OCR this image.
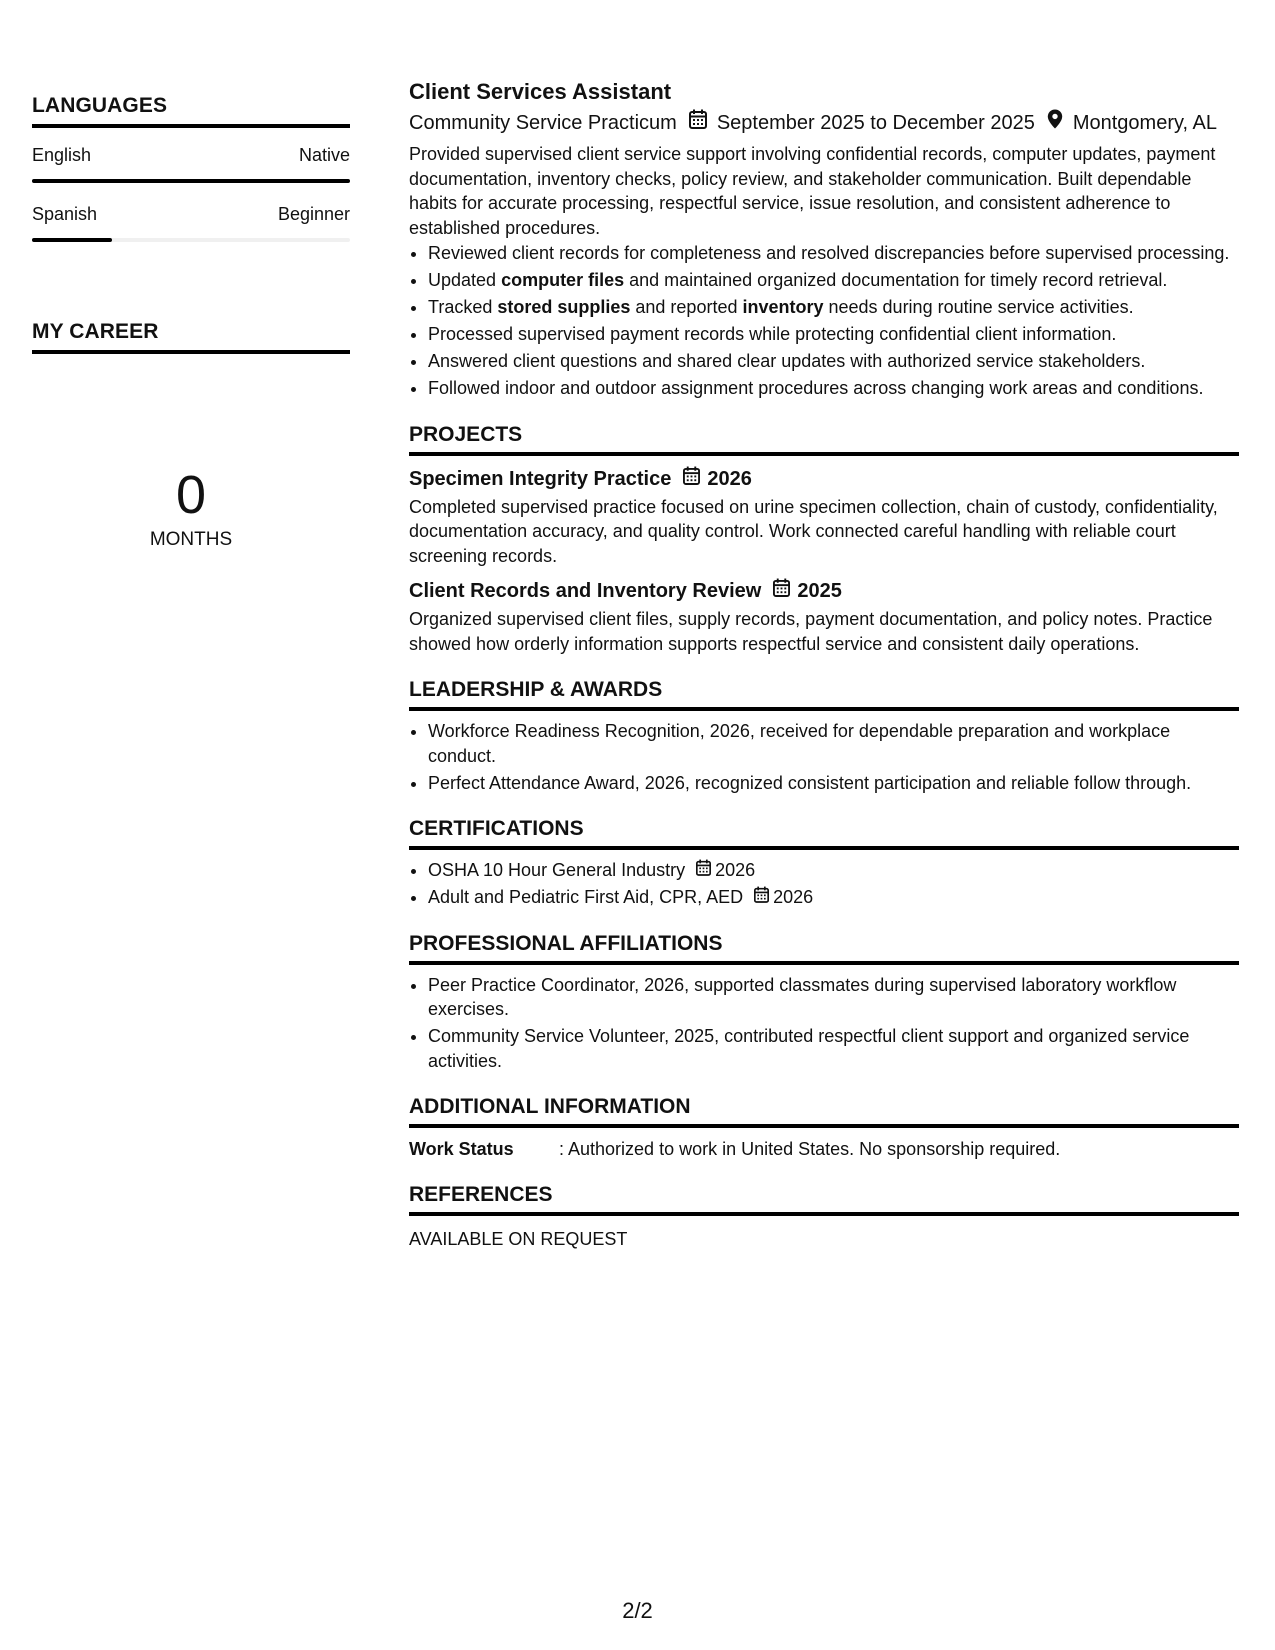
LANGUAGES
English	Native
Spanish	Beginner
MY CAREER
0
MONTHS
Client Services Assistant
Community Service Practicum September 2025 to December 2025 Montgomery, AL
Provided supervised client service support involving confidential records, computer updates, payment documentation, inventory checks, policy review, and stakeholder communication. Built dependable habits for accurate processing, respectful service, issue resolution, and consistent adherence to established procedures.
• Reviewed client records for completeness and resolved discrepancies before supervised processing.
• Updated computer files and maintained organized documentation for timely record retrieval.
• Tracked stored supplies and reported inventory needs during routine service activities.
• Processed supervised payment records while protecting confidential client information.
• Answered client questions and shared clear updates with authorized service stakeholders.
• Followed indoor and outdoor assignment procedures across changing work areas and conditions.
PROJECTS
Specimen Integrity Practice 2026
Completed supervised practice focused on urine specimen collection, chain of custody, confidentiality, documentation accuracy, and quality control. Work connected careful handling with reliable court screening records.
Client Records and Inventory Review 2025
Organized supervised client files, supply records, payment documentation, and policy notes. Practice showed how orderly information supports respectful service and consistent daily operations.
LEADERSHIP & AWARDS
• Workforce Readiness Recognition, 2026, received for dependable preparation and workplace conduct.
• Perfect Attendance Award, 2026, recognized consistent participation and reliable follow through.
CERTIFICATIONS
• OSHA 10 Hour General Industry 2026
• Adult and Pediatric First Aid, CPR, AED 2026
PROFESSIONAL AFFILIATIONS
• Peer Practice Coordinator, 2026, supported classmates during supervised laboratory workflow exercises.
• Community Service Volunteer, 2025, contributed respectful client support and organized service activities.
ADDITIONAL INFORMATION
Work Status	: Authorized to work in United States. No sponsorship required.
REFERENCES
AVAILABLE ON REQUEST
2/2
